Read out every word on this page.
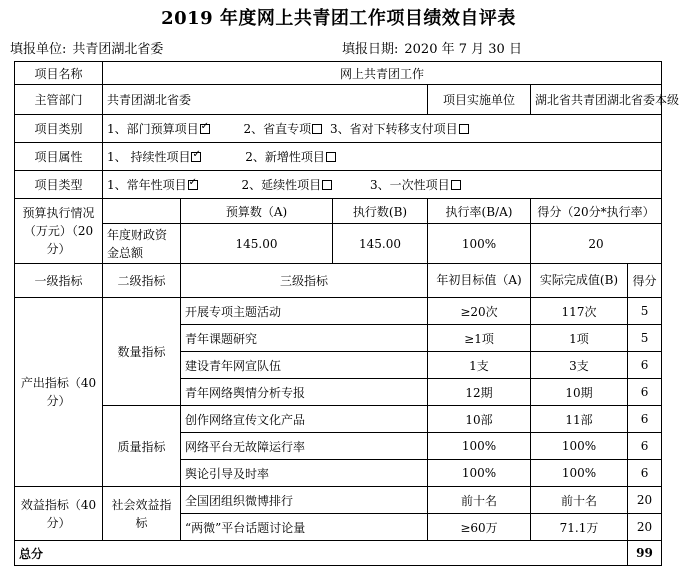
2019 年度网上共青团工作项目绩效自评表
填报单位: 共青团湖北省委	填报日期: 2020 年 7 月 30 日
项目名称	网上共青团工作					
主管部门	共青团湖北省委			项目实施单位	湖北省共青团湖北省委本级	
项目类别	1、部门预算项目 ✓ 2、省直专项 3、省对下转移支付项目
项目属性	1、 持续性项目 ✓ 2、新增性项目
项目类型	1、常年性项目 ✓ 2、延续性项目 3、一次性项目
预算执行情况（万元）（20分）		预算数（A)	执行数(B)	执行率(B/A)	得分（20分*执行率）	
	年度财政资金总额	145.00	145.00	100%	20	
一级指标	二级指标	三级指标		年初目标值（A)	实际完成值(B)	得分
产出指标（40分）	数量指标	开展专项主题活动		≥20次	117次	5
		青年课题研究		≥1项	1项	5
		建设青年网宣队伍		1支	3支	6
		青年网络舆情分析专报		12期	10期	6
	质量指标	创作网络宣传文化产品		10部	11部	6
		网络平台无故障运行率		100%	100%	6
		舆论引导及时率		100%	100%	6
效益指标（40分）	社会效益指标	全国团组织微博排行		前十名	前十名	20
		“两微”平台话题讨论量		≥60万	71.1万	20
总分						99
